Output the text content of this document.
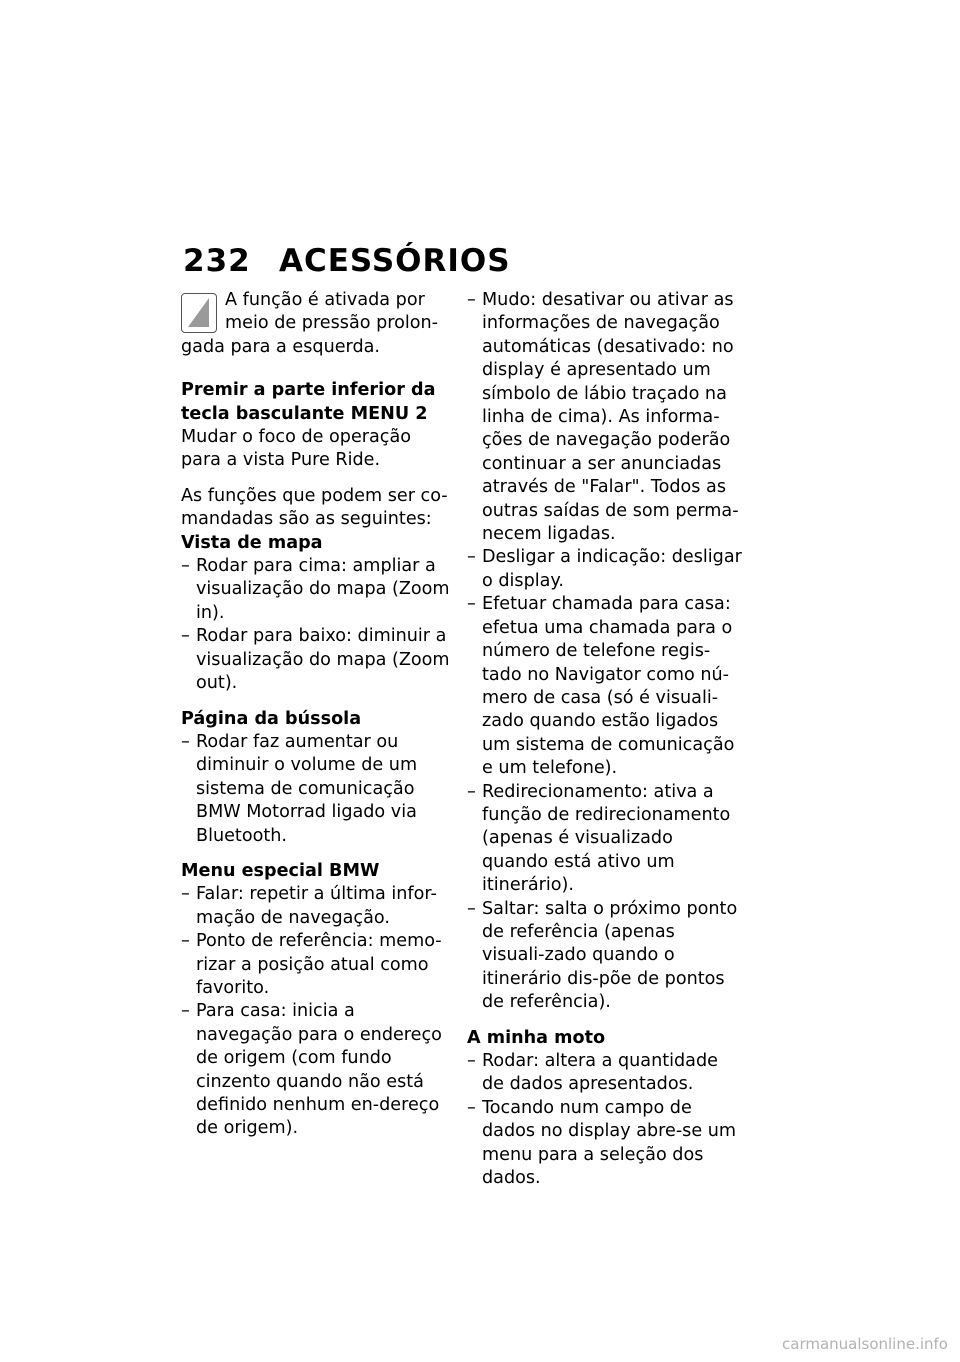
232 ACESSÓRIOS

A função é ativada por meio de pressão prolon-gada para a esquerda.

Premir a parte inferior da tecla basculante MENU 2

Mudar o foco de operação para a vista Pure Ride.

As funções que podem ser co-mandadas são as seguintes:

Vista de mapa

– Rodar para cima: ampliar a visualização do mapa (Zoom in).
– Rodar para baixo: diminuir a visualização do mapa (Zoom out).

Página da bússola

– Rodar faz aumentar ou diminuir o volume de um sistema de comunicação BMW Motorrad ligado via Bluetooth.

Menu especial BMW

– Falar: repetir a última infor-mação de navegação.
– Ponto de referência: memo-rizar a posição atual como favorito.
– Para casa: inicia a navegação para o endereço de origem (com fundo cinzento quando não está definido nenhum en-dereço de origem).
– Mudo: desativar ou ativar as informações de navegação automáticas (desativado: no display é apresentado um símbolo de lábio traçado na linha de cima). As informa-ções de navegação poderão continuar a ser anunciadas através de "Falar". Todos as outras saídas de som perma-necem ligadas.
– Desligar a indicação: desligar o display.
– Efetuar chamada para casa: efetua uma chamada para o número de telefone regis-tado no Navigator como nú-mero de casa (só é visuali-zado quando estão ligados um sistema de comunicação e um telefone).
– Redirecionamento: ativa a função de redirecionamento (apenas é visualizado quando está ativo um itinerário).
– Saltar: salta o próximo ponto de referência (apenas visuali-zado quando o itinerário dis-põe de pontos de referência).

A minha moto

– Rodar: altera a quantidade de dados apresentados.
– Tocando num campo de dados no display abre-se um menu para a seleção dos dados.
carmanualsonline.info
